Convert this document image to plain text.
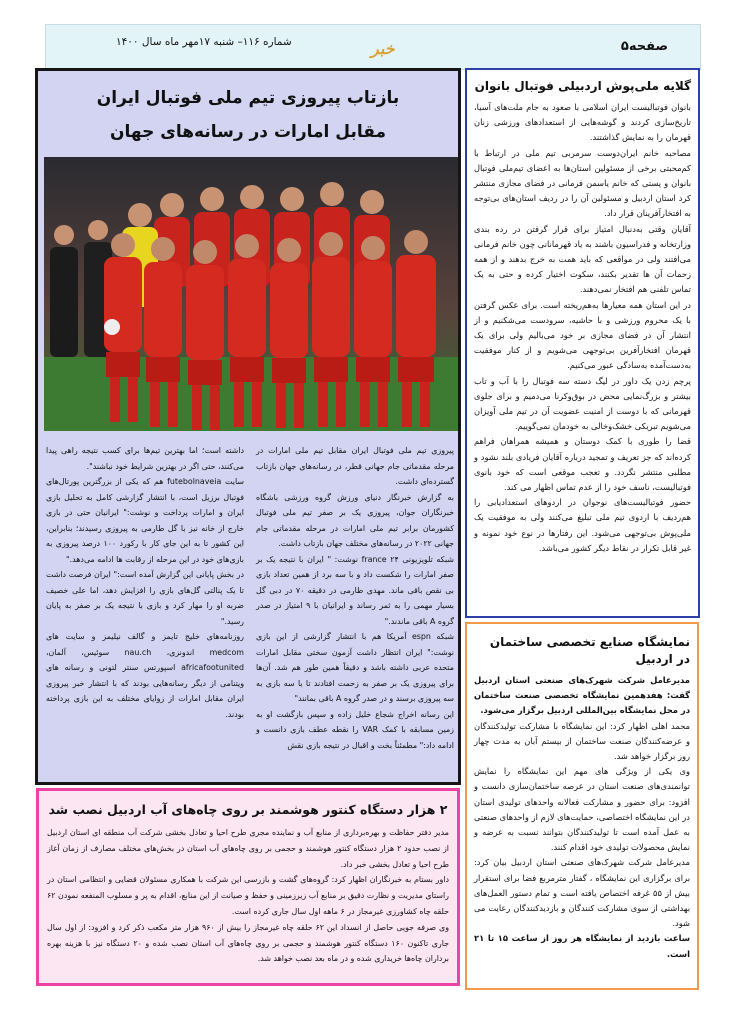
صفحه۵
خبر
شماره ۱۱۶– شنبه ۱۷مهر ماه سال ۱۴۰۰
گلایه ملی‌پوش اردبیلی فوتبال بانوان

بانوان فوتبالیست ایران اسلامی با صعود به جام ملت‌های آسیا، تاریخ‌سازی کردند و گوشه‌هایی از استعدادهای ورزشی زنان قهرمان را به نمایش گذاشتند.

مصاحبه خانم ایران‌دوست سرمربی تیم ملی در ارتباط با کم‌محبتی برخی از مسئولین استان‌ها به اعضای تیم‌ملی فوتبال بانوان و پستی که خانم یاسمن فرمانی در فضای مجازی منتشر کرد استان اردبیل و مسئولین آن را در ردیف استان‌های بی‌توجه به افتخارآفرینان قرار داد.

آقایان وقتی به‌دنبال امتیاز برای قرار گرفتن در رده بندی وزارتخانه و فدراسیون باشند به یاد قهرمانانی چون خانم فرمانی می‌افتند ولی در مواقعی که باید همت به خرج بدهند و از همه زحمات آن ها تقدیر بکنند، سکوت اختیار کرده و حتی به یک تماس تلفنی هم افتخار نمی‌دهند.

در این استان همه معیارها به‌هم‌ریخته است. برای عکس گرفتن با یک محروم ورزشی و با حاشیه، سرودست می‌شکنیم و از انتشار آن در فضای مجازی بر خود می‌بالیم ولی برای یک قهرمان افتخارآفرین بی‌توجهی می‌شویم و از کنار موفقیت به‌دست‌آمده به‌سادگی عبور می‌کنیم.

پرچم زدن یک داور در لیگ دسته سه فوتبال را با آب و تاب بیشتر و بزرگ‌نمایی محض در بوق‌وکرنا می‌دمیم و برای جلوی قهرمانی که با دوست از امنیت عضویت آن در تیم ملی آویزان می‌شویم تبریکی خشک‌وخالی به خودمان نمی‌گوییم.

قضا را طوری با کمک دوستان و همیشه همراهان فراهم کرده‌اند که جز تعریف و تمجید درباره آقایان فریادی بلند نشود و مطلبی منتشر نگردد. و تعجب موقعی است که خود بانوی فوتبالیست، ناسف خود را از عدم تماس اظهار می کند.

حضور فوتبالیست‌های نوجوان در اردوهای استعدادیابی را هم‌ردیف با اردوی تیم ملی تبلیغ می‌کنند ولی به موفقیت یک ملی‌پوش بی‌توجهی می‌شود. این رفتارها در نوع خود نمونه و غیر قابل تکرار در نقاط دیگر کشور می‌باشد.

بازتاب پیروزی تیم ملی فوتبال ایران
مقابل امارات در رسانه‌های جهان

پیروزی تیم ملی فوتبال ایران مقابل تیم ملی امارات در مرحله مقدماتی جام جهانی قطر، در رسانه‌های جهان بازتاب گسترده‌ای داشت.

به گزارش خبرنگار دنیای ورزش گروه ورزشی باشگاه خبرنگاران جوان، پیروزی یک بر صفر تیم ملی فوتبال کشورمان برابر تیم ملی امارات در مرحله مقدماتی جام جهانی ۲۰۲۲ در رسانه‌های مختلف جهان بازتاب داشت.

شبکه تلویزیونی france ۲۴ نوشت: ‌" ایران با نتیجه یک بر صفر امارات را شکست داد و با سه برد از همین تعداد بازی بی نقص باقی ماند. مهدی طارمی در دقیقه ۷۰ در دبی گل بسیار مهمی را به ثمر رساند و ایرانیان با ۹ امتیاز در صدر گروه A باقی ماندند."

شبکه espn آمریکا هم با انتشار گزارشی از این بازی نوشت:" ایران انتظار داشت آزمون سختی مقابل امارات متحده عربی داشته باشد و دقیقاً همین طور هم شد. آن‌ها برای پیروزی یک بر صفر به زحمت افتادند تا با سه بازی به سه پیروزی برسند و در صدر گروه A باقی بمانند"

این رسانه اخراج شجاع خلیل زاده و سپس بازگشت او به زمین مسابقه با کمک VAR را نقطه عطف بازی دانست و ادامه داد:" مطمئناً بخت و اقبال در نتیجه بازی نقش

داشته است؛ اما بهترین تیم‌ها برای کسب نتیجه راهی پیدا می‌کنند، حتی اگر در بهترین شرایط خود نباشند".

سایت futebolnaveia هم که یکی از بزرگترین پورتال‌های فوتبال برزیل است، با انتشار گزارشی کامل به تحلیل بازی ایران و امارات پرداخت و نوشت:" ایرانیان حتی در بازی خارج از خانه نیز با گل طارمی به پیروزی رسیدند؛ بنابراین، این کشور تا به این جای کار با رکورد ۱۰۰ درصد پیروزی به بازی‌های خود در این مرحله از رقابت ها ادامه می‌دهد."

در بخش پایانی این گزارش آمده است:" ایران فرصت داشت تا یک پنالتی گل‌های بازی را افزایش دهد، اما علی خصیف ضربه او را مهار کرد و بازی با نتیجه یک بر صفر به پایان رسید."

روزنامه‌های خلیج تایمز و گالف نیلیمز و سایت های medcom اندونزی، nau.ch سوئیس، آلمان، africafootunited اسپورتس سنتر لتونی و رسانه های ویتنامی از دیگر رسانه‌هایی بودند که با انتشار خبر پیروزی ایران مقابل امارات از زوایای مختلف به این بازی پرداخته بودند.

۲ هزار دستگاه کنتور هوشمند بر روی چاه‌های آب اردبیل نصب شد

مدیر دفتر حفاظت و بهره‌برداری از منابع آب و نماینده مجری طرح احیا و تعادل بخشی شرکت آب منطقه ای استان اردبیل از نصب حدود ۲ هزار دستگاه کنتور هوشمند و حجمی بر روی چاه‌های آب استان در بخش‌های مختلف مصارف از زمان آغاز طرح احیا و تعادل بخشی خبر داد.

داور بستام به خبرنگاران اظهار کرد: گروه‌های گشت و بازرسی این شرکت با همکاری مسئولان قضایی و انتظامی استان در راستای مدیریت و نظارت دقیق بر منابع آب زیرزمینی و حفظ و صیانت از این منابع، اقدام به پر و مسلوب المنفعه نمودن ۶۲ حلقه چاه کشاورزی غیرمجاز در ۶ ماهه اول سال جاری کرده است.

وی صرفه جویی حاصل از انسداد این ۶۲ حلقه چاه غیرمجاز را بیش از ۹۶۰ هزار متر مکعب ذکر کرد و افزود: از اول سال جاری تاکنون ۱۶۰ دستگاه کنتور هوشمند و حجمی بر روی چاه‌های آب استان نصب شده و ۲۰ دستگاه نیز با هزینه بهره برداران چاه‌ها خریداری شده و در ماه بعد نصب خواهد شد.

نمایشگاه صنایع تخصصی ساختمان در اردبیل

مدیرعامل شرکت شهرک‌های صنعتی استان اردبیل گفت: هفدهمین نمایشگاه تخصصی صنعت ساختمان در محل نمایشگاه بین‌المللی اردبیل برگزار می‌شود.

محمد اهلی اظهار کرد: این نمایشگاه با مشارکت تولیدکنندگان و عرضه‌کنندگان صنعت ساختمان از بیستم آبان به مدت چهار روز برگزار خواهد شد.

وی یکی از ویژگی های مهم این نمایشگاه را نمایش توانمندی‌های صنعت استان در عرصه ساختمان‌سازی دانست و افزود: برای حضور و مشارکت فعالانه واحدهای تولیدی استان در این نمایشگاه اختصاصی، حمایت‌های لازم از واحدهای صنعتی به عمل آمده است تا تولیدکنندگان بتوانند نسبت به عرضه و نمایش محصولات تولیدی خود اقدام کنند.

مدیرعامل شرکت شهرک‌های صنعتی استان اردبیل بیان کرد: برای برگزاری این نمایشگاه ، گفتار مترمربع فضا برای استقرار بیش از ۵۵ غرفه اختصاص یافته است و تمام دستور العمل‌های بهداشتی از سوی مشارکت کنندگان و بازدیدکنندگان رعایت می شود.

ساعت بازدید از نمایشگاه هر روز از ساعت ۱۵ تا ۲۱ است.
